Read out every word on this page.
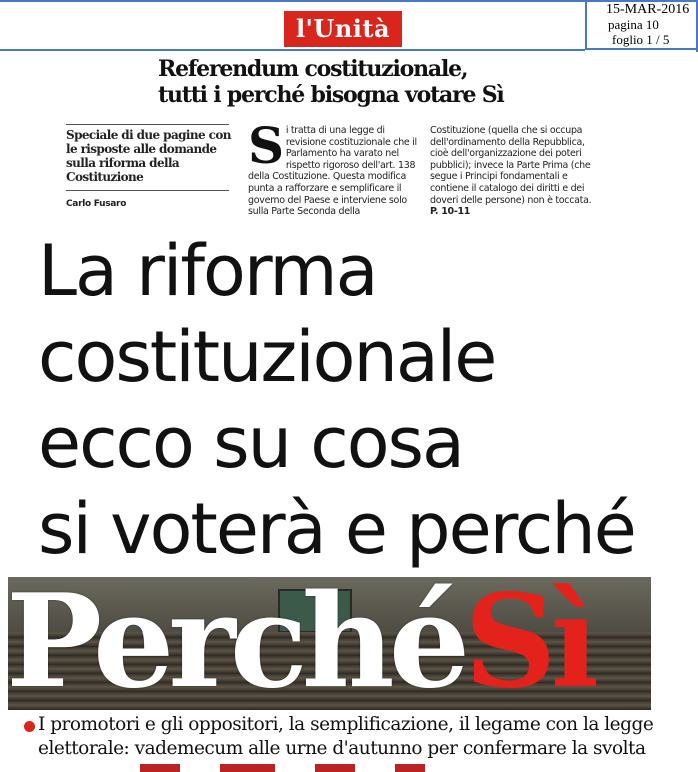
l'Unità
15-MAR-2016
pagina 10
foglio 1 / 5
Referendum costituzionale,
tutti i perché bisogna votare Sì
Speciale di due pagine con le risposte alle domande sulla riforma della Costituzione
Carlo Fusaro
Si tratta di una legge di revisione costituzionale che il Parlamento ha varato nel rispetto rigoroso dell'art. 138 della Costituzione. Questa modifica punta a rafforzare e semplificare il governo del Paese e interviene solo sulla Parte Seconda della
Costituzione (quella che si occupa dell'ordinamento della Repubblica, cioè dell'organizzazione dei poteri pubblici); invece la Parte Prima (che segue i Principi fondamentali e contiene il catalogo dei diritti e dei doveri delle persone) non è toccata. P. 10-11
La riforma
costituzionale
ecco su cosa
si voterà e perché
PerchéSì
I promotori e gli oppositori, la semplificazione, il legame con la legge elettorale: vademecum alle urne d'autunno per confermare la svolta
